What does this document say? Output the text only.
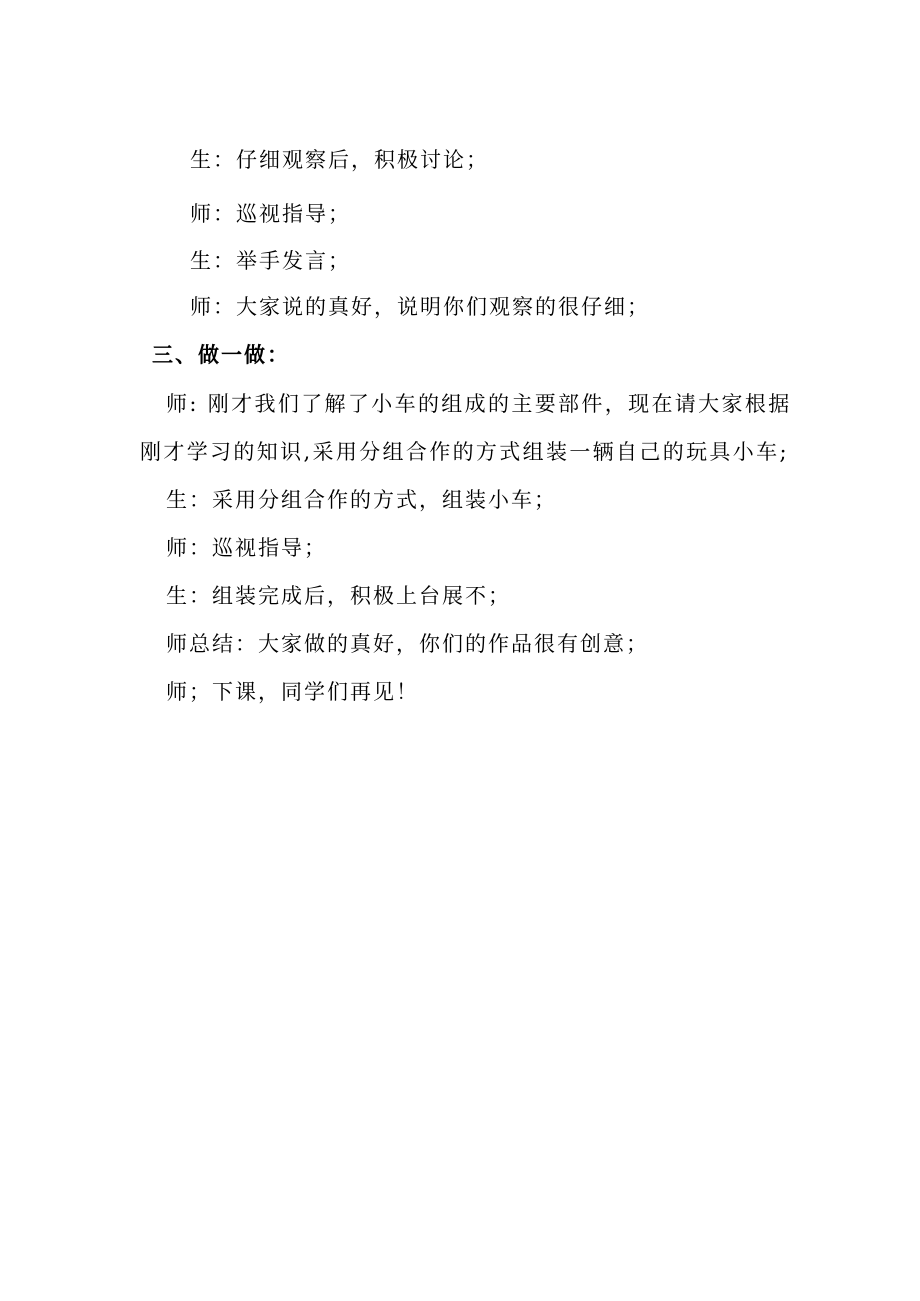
生：仔细观察后，积极讨论；
师：巡视指导；
生：举手发言；
师：大家说的真好，说明你们观察的很仔细；
三、做一做：
师: 刚才我们了解了小车的组成的主要部件，现在请大家根据
刚才学习的知识,采用分组合作的方式组装一辆自己的玩具小车;
生：采用分组合作的方式，组装小车；
师：巡视指导；
生：组装完成后，积极上台展不；
师总结：大家做的真好，你们的作品很有创意；
师；下课，同学们再见！
